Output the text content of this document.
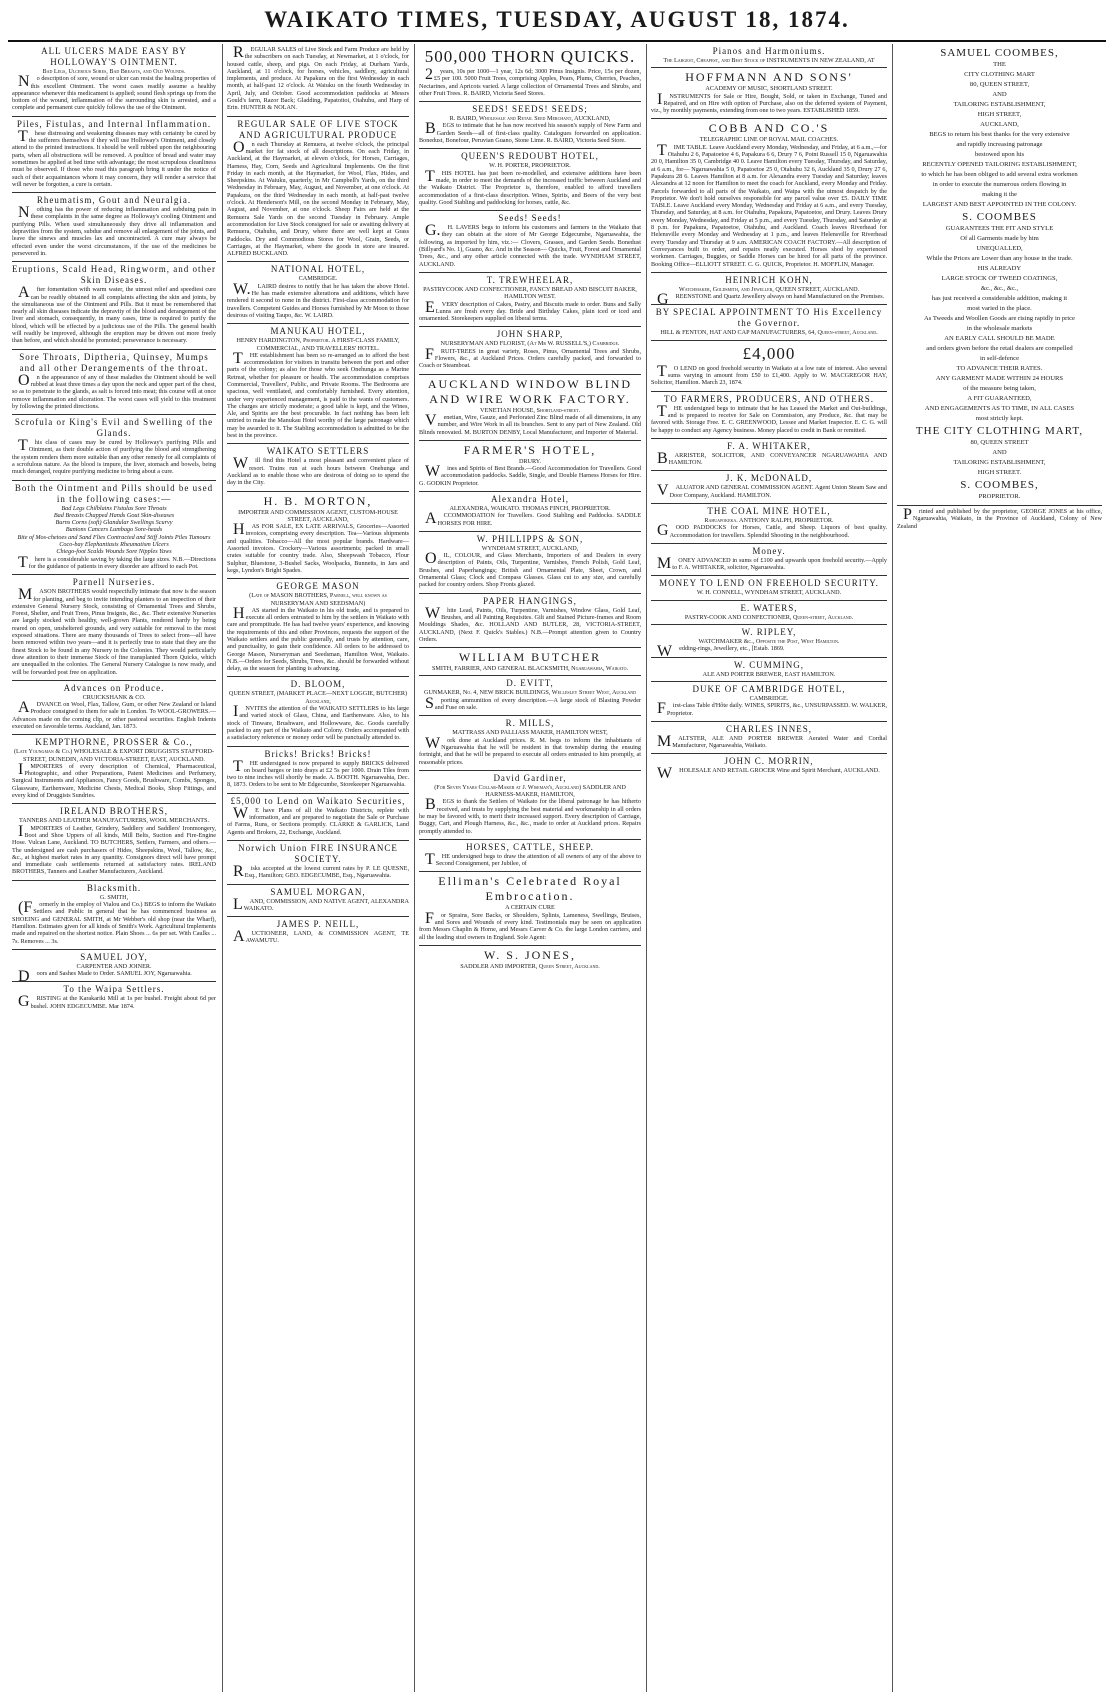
WAIKATO TIMES, TUESDAY, AUGUST 18, 1874.
ALL ULCERS MADE EASY BY HOLLOWAY'S OINTMENT.
Bad Legs, Ulcerous Sores, Bad Breasts, and Old Wounds.

No description of sore, wound or ulcer can resist the healing properties of this excellent Ointment. The worst cases readily assume a healthy appearance whenever this medicament is applied; sound flesh springs up from the bottom of the wound, inflammation of the surrounding skin is arrested, and a complete and permanent cure quickly follows the use of the Ointment.

Piles, Fistulas, and Internal Inflammation.

These distressing and weakening diseases may with certainty be cured by the sufferers themselves if they will use Holloway's Ointment, and closely attend to the printed instructions. It should be well rubbed upon the neighbouring parts, when all obstructions will be removed. A poultice of bread and water may sometimes be applied at bed time with advantage; the most scrupulous cleanliness must be observed. If those who read this paragraph bring it under the notice of such of their acquaintances whom it may concern, they will render a service that will never be forgotten, a cure is certain.

Rheumatism, Gout and Neuralgia.

Nothing has the power of reducing inflammation and subduing pain in these complaints in the same degree as Holloway's cooling Ointment and purifying Pills. When used simultaneously they drive all inflammation and depravities from the system, subdue and remove all enlargement of the joints, and leave the sinews and muscles lax and uncontracted. A cure may always be effected even under the worst circumstances, if the use of the medicines be persevered in.

Eruptions, Scald Head, Ringworm, and other Skin Diseases.

After fomentation with warm water, the utmost relief and speediest cure can be readily obtained in all complaints affecting the skin and joints, by the simultaneous use of the Ointment and Pills. But it must be remembered that nearly all skin diseases indicate the depravity of the blood and derangement of the liver and stomach, consequently, in many cases, time is required to purify the blood, which will be effected by a judicious use of the Pills. The general health will readily be improved, although the eruption may be driven out more freely than before, and which should be promoted; perseverance is necessary.

Sore Throats, Diptheria, Quinsey, Mumps and all other Derangements of the throat.

On the appearance of any of these maladies the Ointment should be well rubbed at least three times a day upon the neck and upper part of the chest, so as to penetrate to the glands, as salt is forced into meat; this course will at once remove inflammation and ulceration. The worst cases will yield to this treatment by following the printed directions.

Scrofula or King's Evil and Swelling of the Glands.

This class of cases may be cured by Holloway's purifying Pills and Ointment, as their double action of purifying the blood and strengthening the system renders them more suitable than any other remedy for all complaints of a scrofulous nature. As the blood is impure, the liver, stomach and bowels, being much deranged, require purifying medicine to bring about a cure.

Both the Ointment and Pills should be used in the following cases:—
Bad Legs Chilblains Fistulas Sore Throats
Bad Breasts Chapped Hands Gout Skin-diseases
Burns Corns (soft) Glandular Swellings Scurvy
Bunions Cancers Lumbago Sore-heads
Bite of Mos-chetoes and Sand Flies Contracted and Stiff Joints Piles Tumours
Coco-bay Elephantiasis Rheumatism Ulcers
Chiego-foot Scalds Wounds Sore Nipples Yaws

There is a considerable saving by taking the large sizes. N.B.—Directions for the guidance of patients in every disorder are affixed to each Pot.

Parnell Nurseries.

MASON BROTHERS would respectfully intimate that now is the season for planting, and beg to invite intending planters to an inspection of their extensive General Nursery Stock, consisting of Ornamental Trees and Shrubs, Forest, Shelter, and Fruit Trees, Pinus Insignis, &c., &c. Their extensive Nurseries are largely stocked with healthy, well-grown Plants, rendered hardy by being reared on open, unsheltered grounds, and very suitable for removal to the most exposed situations. There are many thousands of Trees to select from—all have been removed within two years—and it is perfectly true to state that they are the finest Stock to be found in any Nursery in the Colonies. They would particularly draw attention to their immense Stock of fine transplanted Thorn Quicks, which are unequalled in the colonies. The General Nursery Catalogue is now ready, and will be forwarded post free on application.

Advances on Produce.
CRUICKSHANK & CO.

ADVANCE on Wool, Flax, Tallow, Gum, or other New Zealand or Island Produce consigned to them for sale in London. To WOOL-GROWERS.—Advances made on the coming clip, or other pastoral securities. English Indents executed on favorable terms. Auckland, Jan. 1873.

KEMPTHORNE, PROSSER & Co.,
(Late Youngman & Co.) WHOLESALE & EXPORT DRUGGISTS STAFFORD-STREET, DUNEDIN, AND VICTORIA-STREET, EAST, AUCKLAND.

IMPORTERS of every description of Chemical, Pharmaceutical, Photographic, and other Preparations, Patent Medicines and Perfumery, Surgical Instruments and Appliances, Fancy Goods, Brushware, Combs, Sponges, Glassware, Earthenware, Medicine Chests, Medical Books, Shop Fittings, and every kind of Druggists Sundries.

IRELAND BROTHERS,
TANNERS AND LEATHER MANUFACTURERS, WOOL MERCHANTS.

IMPORTERS of Leather, Grindery, Saddlery and Saddlers' Ironmongery, Boot and Shoe Uppers of all kinds, Mill Belts, Suction and Fire-Engine Hose. Vulcan Lane, Auckland. TO BUTCHERS, Settlers, Farmers, and others.—The undersigned are cash purchasers of Hides, Sheepskins, Wool, Tallow, &c., &c., at highest market rates in any quantity. Consignors direct will have prompt and immediate cash settlements returned at satisfactory rates. IRELAND BROTHERS, Tanners and Leather Manufacturers, Auckland.

Blacksmith.
G. SMITH,

(Formerly in the employ of Vialou and Co.) BEGS to inform the Waikato Settlers and Public in general that he has commenced business as SHOEING and GENERAL SMITH, at Mr Webber's old shop (near the Wharf), Hamilton. Estimates given for all kinds of Smith's Work. Agricultural Implements made and repaired on the shortest notice. Plain Shoes ... 6s per set. With Caulks ... 7s. Removes ... 3s.

SAMUEL JOY,
CARPENTER AND JOINER.

Doors and Sashes Made to Order. SAMUEL JOY, Ngaruawahia.

To the Waipa Settlers.

GRISTING at the Karakariki Mill at 1s per bushel. Freight about 6d per bushel. JOHN EDGECUMBE. Mar 1874.

REGULAR SALES of Live Stock and Farm Produce are held by the subscribers on each Tuesday, at Newmarket, at 1 o'clock, for housed cattle, sheep, and pigs. On each Friday, at Durham Yards, Auckland, at 11 o'clock, for horses, vehicles, saddlery, agricultural implements, and produce. At Papakura on the first Wednesday in each month, at half-past 12 o'clock. At Waiuku on the fourth Wednesday in April, July, and October. Good accommodation paddocks at Messrs Gould's farm, Razor Back; Gladding, Papatoitoi, Otahuhu, and Harp of Erin. HUNTER & NOLAN.

REGULAR SALE OF LIVE STOCK AND AGRICULTURAL PRODUCE

On each Thursday at Remuera, at twelve o'clock, the principal market for fat stock of all descriptions. On each Friday, in Auckland, at the Haymarket, at eleven o'clock, for Horses, Carriages, Harness, Hay, Corn, Seeds and Agricultural Implements. On the first Friday in each month, at the Haymarket, for Wool, Flax, Hides, and Sheepskins. At Waiuku, quarterly, in Mr Campbell's Yards, on the third Wednesday in February, May, August, and November, at one o'clock. At Papakura, on the third Wednesday in each month, at half-past twelve o'clock. At Henderson's Mill, on the second Monday in February, May, August, and November, at one o'clock. Sheep Fairs are held at the Remuera Sale Yards on the second Tuesday in February. Ample accommodation for Live Stock consigned for sale or awaiting delivery at Remuera, Otahuhu, and Drury, where there are well kept at Grass Paddocks. Dry and Commodious Stores for Wool, Grain, Seeds, or Carriages, at the Haymarket, where the goods in store are insured. ALFRED BUCKLAND.

NATIONAL HOTEL,
CAMBRIDGE.

W.LAIRD desires to notify that he has taken the above Hotel. He has made extensive alterations and additions, which have rendered it second to none in the district. First-class accommodation for travellers. Competent Guides and Horses furnished by Mr Moon to those desirous of visiting Taupo, &c. W. LAIRD.

MANUKAU HOTEL,
HENRY HARDINGTON, Proprietor. A FIRST-CLASS FAMILY, COMMERCIAL, AND TRAVELLERS' HOTEL.

THE establishment has been so re-arranged as to afford the best accommodation for visitors in transitu between the port and other parts of the colony; as also for those who seek Onehunga as a Marine Retreat, whether for pleasure or health. The accommodation comprises Commercial, Travellers', Public, and Private Rooms. The Bedrooms are spacious, well ventilated, and comfortably furnished. Every attention, under very experienced management, is paid to the wants of customers. The charges are strictly moderate; a good table is kept, and the Wines, Ale, and Spirits are the best procurable. In fact nothing has been left untried to make the Manukau Hotel worthy of the large patronage which may be awarded to it. The Stabling accommodation is admitted to be the best in the province.

WAIKATO SETTLERS

Will find this Hotel a most pleasant and convenient place of resort. Trains run at such hours between Onehunga and Auckland as to enable those who are desirous of doing so to spend the day in the City.

H. B. MORTON,
IMPORTER AND COMMISSION AGENT, CUSTOM-HOUSE STREET, AUCKLAND,

HAS FOR SALE, EX LATE ARRIVALS, Groceries—Assorted invoices, comprising every description. Tea—Various shipments and qualities. Tobacco—All the most popular brands. Hardware—Assorted invoices. Crockery—Various assortments; packed in small crates suitable for country trade. Also, Sheepwash Tobacco, Flour Sulphur, Bluestone, 3-Bushel Sacks, Woolpacks, Bunnetts, in Jars and kegs, Lyndon's Bright Spades.

GEORGE MASON
(Late of MASON BROTHERS, Parnell, well known as NURSERYMAN AND SEEDSMAN)

HAS started in the Waikato in his old trade, and is prepared to execute all orders entrusted to him by the settlers in Waikato with care and promptitude. He has had twelve years' experience, and knowing the requirements of this and other Provinces, requests the support of the Waikato settlers and the public generally, and trusts by attention, care, and punctuality, to gain their confidence. All orders to be addressed to George Mason, Nurseryman and Seedsman, Hamilton West, Waikato. N.B.—Orders for Seeds, Shrubs, Trees, &c. should be forwarded without delay, as the season for planting is advancing.

D. BLOOM,
QUEEN STREET, (MARKET PLACE—NEXT LOGGIE, BUTCHER) Auckland,

INVITES the attention of the WAIKATO SETTLERS to his large and varied stock of Glass, China, and Earthenware. Also, to his stock of Tinware, Brushware, and Hollowware, &c. Goods carefully packed to any part of the Waikato and Colony. Orders accompanied with a satisfactory reference or money order will be punctually attended to.

Bricks! Bricks! Bricks!

THE undersigned is now prepared to supply BRICKS delivered on board barges or into drays at £2 5s per 1000. Drain Tiles from two to nine inches will shortly be made. A. BOOTH. Ngaruawahia, Dec. 8, 1873. Orders to be sent to Mr Edgecumbe, Storekeeper Ngaruawahia.

£5,000 to Lend on Waikato Securities,

WE have Plans of all the Waikato Districts, replete with information, and are prepared to negotiate the Sale or Purchase of Farms, Runs, or Sections promptly. CLARKE & GARLICK, Land Agents and Brokers, 22, Exchange, Auckland.

Norwich Union FIRE INSURANCE SOCIETY.

Risks accepted at the lowest current rates by P. LE QUESNE, Esq., Hamilton; GEO. EDGECUMBE, Esq., Ngaruawahia.

SAMUEL MORGAN,

LAND, COMMISSION, AND NATIVE AGENT, ALEXANDRA WAIKATO.

JAMES P. NEILL,

AUCTIONEER, LAND, & COMMISSION AGENT, TE AWAMUTU.

500,000 THORN QUICKS.

2years, 10s per 1000—1 year, 12s 6d; 3000 Pinus Insignis. Price, 15s per dozen, £5 per 100. 5000 Fruit Trees, comprising Apples, Pears, Plums, Cherries, Peaches, Nectarines, and Apricots varied. A large collection of Ornamental Trees and Shrubs, and other Fruit Trees. R. BAIRD, Victoria Seed Stores.

SEEDS! SEEDS! SEEDS;
R. BAIRD, Wholesale and Retail Seed Merchant, AUCKLAND,

BEGS to intimate that he has now received his season's supply of New Farm and Garden Seeds—all of first-class quality. Catalogues forwarded on application. Bonedust, Bonefour, Peruvian Guano, Stone Lime. R. BAIRD, Victoria Seed Store.

QUEEN'S REDOUBT HOTEL,
W. H. PORTER, PROPRIETOR.

THIS HOTEL has just been re-modelled, and extensive additions have been made, in order to meet the demands of the increased traffic between Auckland and the Waikato District. The Proprietor is, therefore, enabled to afford travellers accommodation of a first-class description. Wines, Spirits, and Beers of the very best quality. Good Stabling and paddocking for horses, cattle, &c.

Seeds! Seeds!

G.H. LAVERS begs to inform his customers and farmers in the Waikato that they can obtain at the store of Mr George Edgecumbe, Ngaruawahia, the following, as imported by him, viz.:— Clovers, Grasses, and Garden Seeds. Bonedust (Billyard's No. 1), Guano, &c. And in the Season— Quicks, Fruit, Forest and Ornamental Trees, &c., and any other article connected with the trade. WYNDHAM STREET, AUCKLAND.

T. TREWHEELAR,
PASTRYCOOK AND CONFECTIONER, FANCY BREAD AND BISCUIT BAKER, HAMILTON WEST.

EVERY description of Cakes, Pastry, and Biscuits made to order. Buns and Sally Lunns are fresh every day. Bride and Birthday Cakes, plain iced or iced and ornamented. Storekeepers supplied on liberal terms.

JOHN SHARP,
NURSERYMAN AND FLORIST, (At Mr W. RUSSELL'S,) Cambridge.

FRUIT-TREES in great variety, Roses, Pinus, Ornamental Trees and Shrubs, Flowers, &c., at Auckland Prices. Orders carefully packed, and forwarded to Coach or Steamboat.

AUCKLAND WINDOW BLIND AND WIRE WORK FACTORY.
VENETIAN HOUSE, Shortland-street.

Venetian, Wire, Gauze, and Perforated Zinc Blind made of all dimensions, in any number, and Wire Work in all its branches. Sent to any part of New Zealand. Old Blinds renovated. M. BURTON DENBY, Local Manufacturer, and Importer of Material.

FARMER'S HOTEL,
DRURY.

Wines and Spirits of Best Brands.—Good Accommodation for Travellers. Good accommodation paddocks. Saddle, Single, and Double Harness Horses for Hire. G. GODKIN Proprietor.

Alexandra Hotel,
ALEXANDRA, WAIKATO. THOMAS FINCH, PROPRIETOR.

ACCOMMODATION for Travellers. Good Stabling and Paddocks. SADDLE HORSES FOR HIRE.

W. PHILLIPPS & SON,
WYNDHAM STREET, AUCKLAND,

OIL, COLOUR, and Glass Merchants, Importers of and Dealers in every description of Paints, Oils, Turpentine, Varnishes, French Polish, Gold Leaf, Brushes, and Paperhangings; British and Ornamental Plate, Sheet, Crown, and Ornamental Glass; Clock and Compass Glasses. Glass cut to any size, and carefully packed for country orders. Shop Fronts glazed.

PAPER HANGINGS,

White Lead, Paints, Oils, Turpentine, Varnishes, Window Glass, Gold Leaf, Brushes, and all Painting Requisites. Gilt and Stained Picture-frames and Room Mouldings Shades, &c. HOLLAND AND BUTLER, 28, VICTORIA-STREET, AUCKLAND, (Next F. Quick's Stables.) N.B.—Prompt attention given to Country Orders.

WILLIAM BUTCHER
SMITH, FARRIER, AND GENERAL BLACKSMITH, Ngaruawahia, Waikato.
D. EVITT,
GUNMAKER, No. 4, NEW BRICK BUILDINGS, Wellesley Street West, Auckland

Sporting ammunition of every description.—A large stock of Blasting Powder and Fuse on sale.

R. MILLS,
MATTRASS AND PALLIASS MAKER, HAMILTON WEST,

Work done at Auckland prices. R. M. begs to inform the inhabitants of Ngaruawahia that he will be resident in that township during the ensuing fortnight, and that he will be prepared to execute all orders entrusted to him promptly, at reasonable prices.

David Gardiner,
(For Seven Years Collar-Maker at J. Wiseman's, Auckland) SADDLER AND HARNESS-MAKER, HAMILTON,

BEGS to thank the Settlers of Waikato for the liberal patronage he has hitherto received, and trusts by supplying the best material and workmanship in all orders he may be favored with, to merit their increased support. Every description of Carriage, Buggy, Cart, and Plough Harness, &c., &c., made to order at Auckland prices. Repairs promptly attended to.

HORSES, CATTLE, SHEEP.

THE undersigned begs to draw the attention of all owners of any of the above to Second Consignment, per Jubilee, of

Elliman's Celebrated Royal Embrocation.
A CERTAIN CURE

For Sprains, Sore Backs, or Shoulders, Splints, Lameness, Swellings, Bruises, and Sores and Wounds of every kind. Testimonials may be seen on application from Messrs Chaplin & Horne, and Messrs Carver & Co. the large London carriers, and all the leading stud owners in England. Sole Agent:

W. S. JONES,
SADDLER AND IMPORTER, Queen Street, Auckland.
Pianos and Harmoniums.
The Largest, Cheapest, and Best Stock of INSTRUMENTS IN NEW ZEALAND, AT
HOFFMANN AND SONS'
ACADEMY OF MUSIC, SHORTLAND STREET.

INSTRUMENTS for Sale or Hire, Bought, Sold, or taken in Exchange, Tuned and Repaired, and on Hire with option of Purchase, also on the deferred system of Payment, viz., by monthly payments, extending from one to two years. ESTABLISHED 1859.

COBB AND CO.'S
TELEGRAPHIC LINE OF ROYAL MAIL COACHES.

TIME TABLE. Leave Auckland every Monday, Wednesday, and Friday, at 6 a.m.,—for Otahuhu 2 6, Papatoetoe 4 6, Papakura 6 6, Drury 7 6, Point Russell 15 0, Ngaruawahia 20 0, Hamilton 35 0, Cambridge 40 0. Leave Hamilton every Tuesday, Thursday, and Saturday, at 6 a.m., for— Ngaruawahia 5 0, Papatoetoe 25 0, Otahuhu 32 6, Auckland 35 0, Drury 27 6, Papakura 28 6. Leaves Hamilton at 8 a.m. for Alexandra every Tuesday and Saturday; leaves Alexandra at 12 noon for Hamilton to meet the coach for Auckland, every Monday and Friday. Parcels forwarded to all parts of the Waikato, and Waipa with the utmost despatch by the Proprietor. We don't hold ourselves responsible for any parcel value over £5. DAILY TIME TABLE. Leave Auckland every Monday, Wednesday and Friday at 6 a.m., and every Tuesday, Thursday, and Saturday, at 8 a.m. for Otahuhu, Papakura, Papatoetoe, and Drury. Leaves Drury every Monday, Wednesday, and Friday at 5 p.m., and every Tuesday, Thursday, and Saturday at 8 p.m. for Papakura, Papatoetoe, Otahuhu, and Auckland. Coach leaves Riverhead for Helensville every Monday and Wednesday at 1 p.m., and leaves Helensville for Riverhead every Tuesday and Thursday at 9 a.m. AMERICAN COACH FACTORY.—All description of Conveyances built to order, and repairs neatly executed. Horses shod by experienced workmen. Carriages, Buggies, or Saddle Horses can be hired for all parts of the province. Booking Office—ELLIOTT STREET. C. G. QUICK, Proprietor. H. MOFFLIN, Manager.

HEINRICH KOHN,
Watchmaker, Goldsmith, and Jeweller, QUEEN STREET, AUCKLAND.

GREENSTONE and Quartz Jewellery always on hand Manufactured on the Premises.

BY SPECIAL APPOINTMENT TO His Excellency the Governor.
HILL & FENTON, HAT AND CAP MANUFACTURERS, 64, Queen-street, Auckland.
£4,000

TO LEND on good freehold security in Waikato at a low rate of interest. Also several sums varying in amount from £50 to £1,400. Apply to W. MACGREGOR HAY, Solicitor, Hamilton. March 23, 1874.

TO FARMERS, PRODUCERS, AND OTHERS.

THE undersigned begs to intimate that he has Leased the Market and Out-buildings, and is prepared to receive for Sale on Commission, any Produce, &c. that may be favored with. Storage Free. E. C. GREENWOOD, Lessee and Market Inspector. E. C. G. will be happy to conduct any Agency business. Money placed to credit in Bank or remitted.

F. A. WHITAKER,

BARRISTER, SOLICITOR, AND CONVEYANCER NGARUAWAHIA AND HAMILTON.

J. K. McDONALD,

VALUATOR AND GENERAL COMMISSION AGENT. Agent Union Steam Saw and Door Company, Auckland. HAMILTON.

THE COAL MINE HOTEL,
Rahuapokeka. ANTHONY RALPH, PROPRIETOR.

GOOD PADDOCKS for Horses, Cattle, and Sheep. Liquors of best quality. Accommodation for travellers. Splendid Shooting in the neighbourhood.

Money.

MONEY ADVANCED in sums of £100 and upwards upon freehold security.—Apply to F. A. WHITAKER, solicitor, Ngaruawahia.

MONEY TO LEND ON FREEHOLD SECURITY.
W. H. CONNELL, WYNDHAM STREET, AUCKLAND.
E. WATERS,
PASTRY-COOK AND CONFECTIONER, Queen-street, Auckland.
W. RIPLEY,
WATCHMAKER &c., Opposite the Post, West Hamilton.

Wedding-rings, Jewellery, etc., [Estab. 1869.

W. CUMMING,
ALE AND PORTER BREWER, EAST HAMILTON.
DUKE OF CAMBRIDGE HOTEL,
CAMBRIDGE.

First-class Table d'Hôte daily. WINES, SPIRITS, &c., UNSURPASSED. W. WALKER, Proprietor.

CHARLES INNES,

MALTSTER, ALE AND PORTER BREWER Aerated Water and Cordial Manufacturer, Ngaruawahia, Waikato.

JOHN C. MORRIN,

WHOLESALE AND RETAIL GROCER Wine and Spirit Merchant, AUCKLAND.

SAMUEL COOMBES,
THE
CITY CLOTHING MART
80, QUEEN STREET,
AND
TAILORING ESTABLISHMENT,
HIGH STREET,
AUCKLAND,
BEGS to return his best thanks for the very extensive
and rapidly increasing patronage
bestowed upon his
RECENTLY OPENED TAILORING ESTABLISHMENT,
to which he has been obliged to add several extra workmen
in order to execute the numerous orders flowing in
making it the
LARGEST AND BEST APPOINTED IN THE COLONY.
S. COOMBES
GUARANTEES THE FIT AND STYLE
Of all Garments made by him
UNEQUALLED,
While the Prices are Lower than any house in the trade.
HIS ALREADY
LARGE STOCK OF TWEED COATINGS,
&c., &c., &c.,
has just received a considerable addition, making it
most varied in the place.
As Tweeds and Woollen Goods are rising rapidly in price
in the wholesale markets
AN EARLY CALL SHOULD BE MADE
and orders given before the retail dealers are compelled
in self-defence
TO ADVANCE THEIR RATES.
ANY GARMENT MADE WITHIN 24 HOURS
of the measure being taken,
A FIT GUARANTEED,
AND ENGAGEMENTS AS TO TIME, IN ALL CASES
most strictly kept.
THE CITY CLOTHING MART,
80, QUEEN STREET
AND
TAILORING ESTABLISHMENT,
HIGH STREET.
S. COOMBES,
PROPRIETOR.

Printed and published by the proprietor, GEORGE JONES at his office, Ngaruawahia, Waikato, in the Province of Auckland, Colony of New Zealand
